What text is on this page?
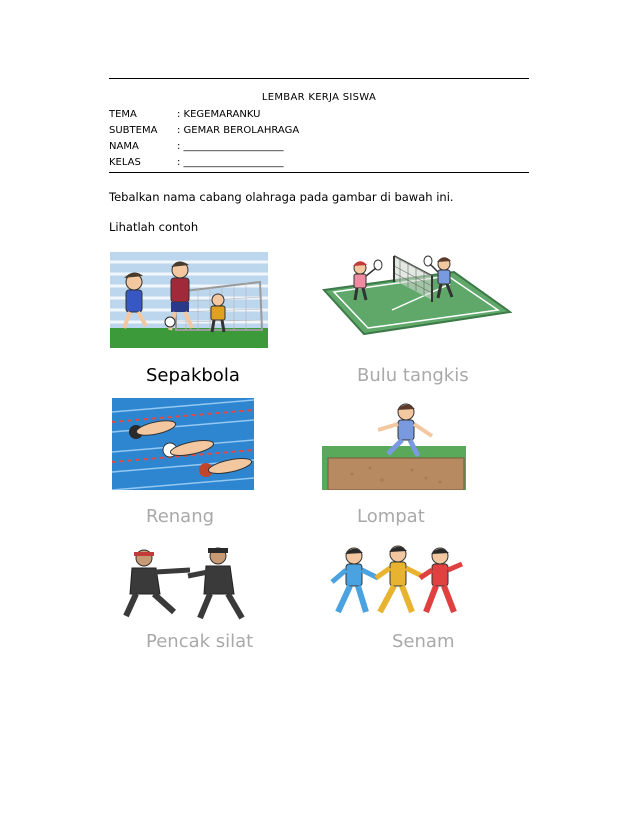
LEMBAR KERJA SISWA
TEMA	: KEGEMARANKU
SUBTEMA : GEMAR BEROLAHRAGA
NAMA	: ____________________
KELAS	: ____________________
Tebalkan nama cabang olahraga pada gambar di bawah ini.
Lihatlah contoh
Sepakbola	Bulu tangkis
Renang	Lompat
Pencak silat	Senam
